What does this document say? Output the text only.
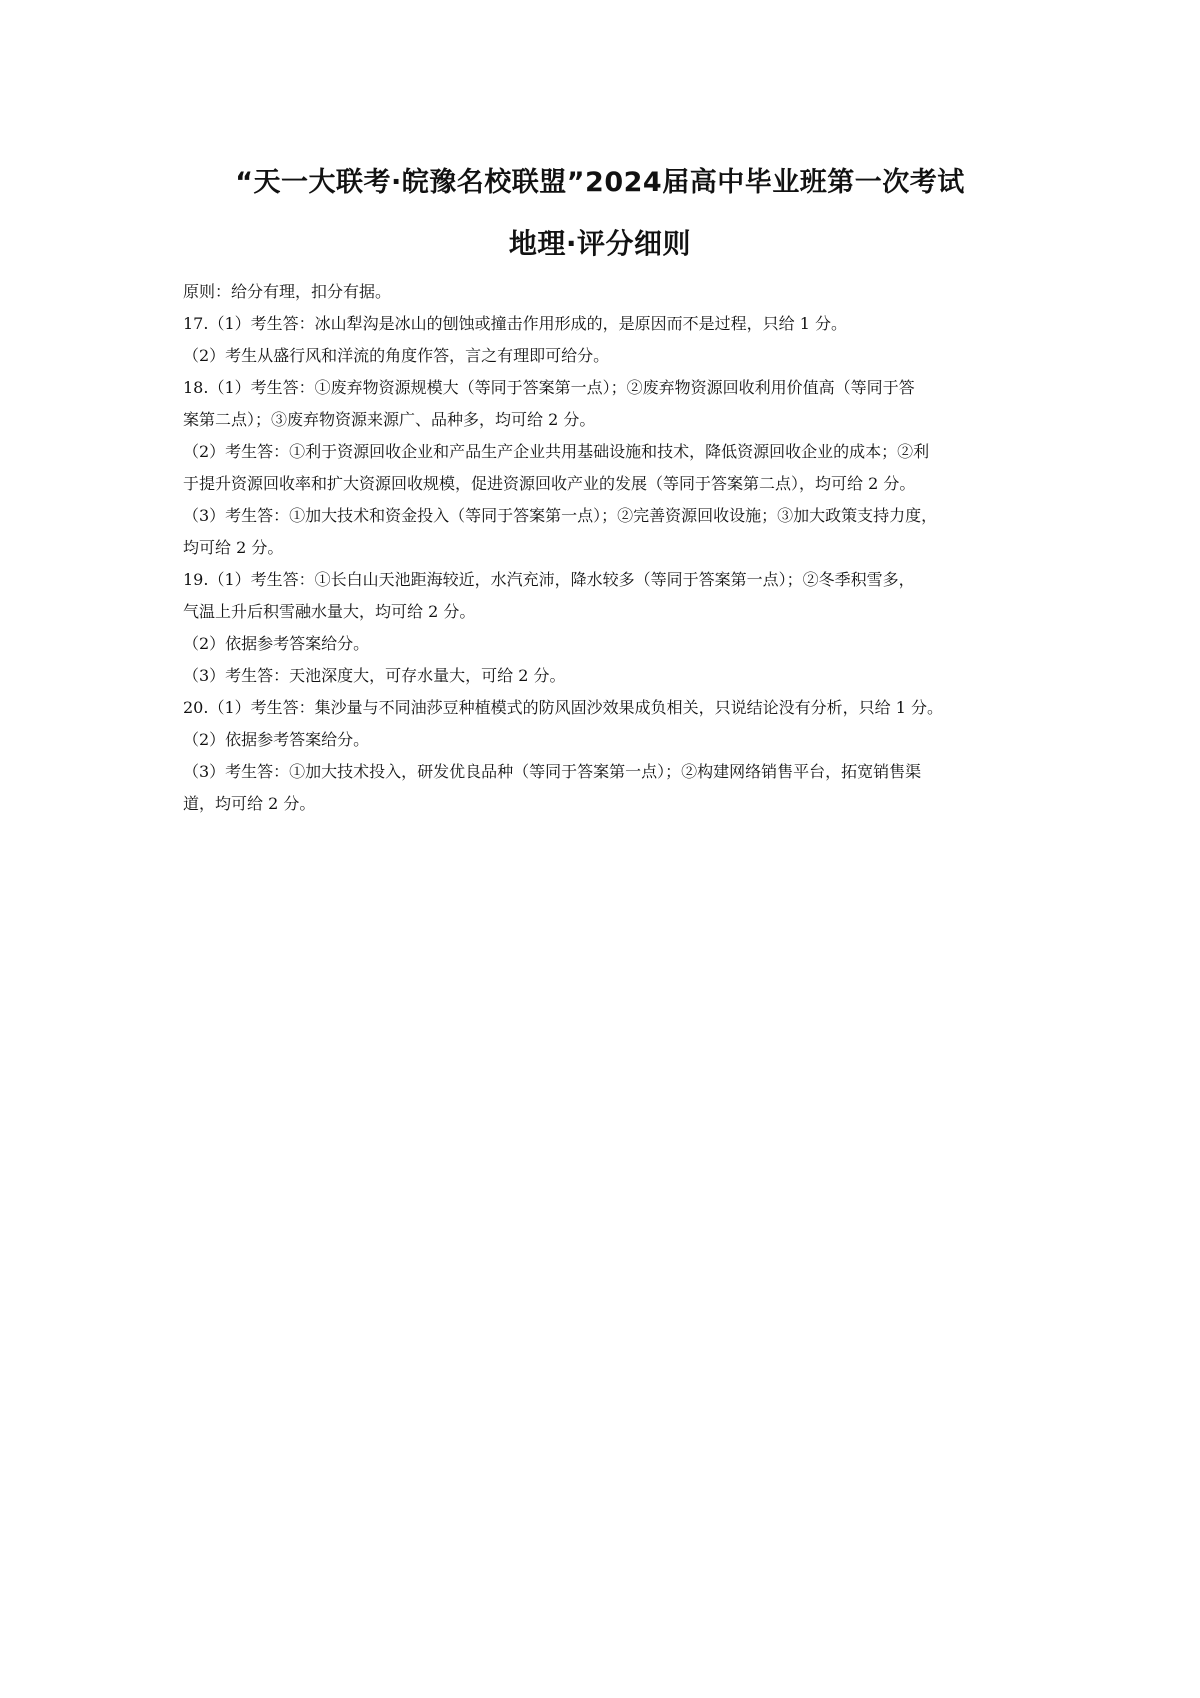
“天一大联考·皖豫名校联盟”2024届高中毕业班第一次考试
地理·评分细则
原则：给分有理，扣分有据。
17.（1）考生答：冰山犁沟是冰山的刨蚀或撞击作用形成的，是原因而不是过程，只给 1 分。
（2）考生从盛行风和洋流的角度作答，言之有理即可给分。
18.（1）考生答：①废弃物资源规模大（等同于答案第一点）；②废弃物资源回收利用价值高（等同于答
案第二点）；③废弃物资源来源广、品种多，均可给 2 分。
（2）考生答：①利于资源回收企业和产品生产企业共用基础设施和技术，降低资源回收企业的成本；②利
于提升资源回收率和扩大资源回收规模，促进资源回收产业的发展（等同于答案第二点），均可给 2 分。
（3）考生答：①加大技术和资金投入（等同于答案第一点）；②完善资源回收设施；③加大政策支持力度，
均可给 2 分。
19.（1）考生答：①长白山天池距海较近，水汽充沛，降水较多（等同于答案第一点）；②冬季积雪多，
气温上升后积雪融水量大，均可给 2 分。
（2）依据参考答案给分。
（3）考生答：天池深度大，可存水量大，可给 2 分。
20.（1）考生答：集沙量与不同油莎豆种植模式的防风固沙效果成负相关，只说结论没有分析，只给 1 分。
（2）依据参考答案给分。
（3）考生答：①加大技术投入，研发优良品种（等同于答案第一点）；②构建网络销售平台，拓宽销售渠
道，均可给 2 分。
